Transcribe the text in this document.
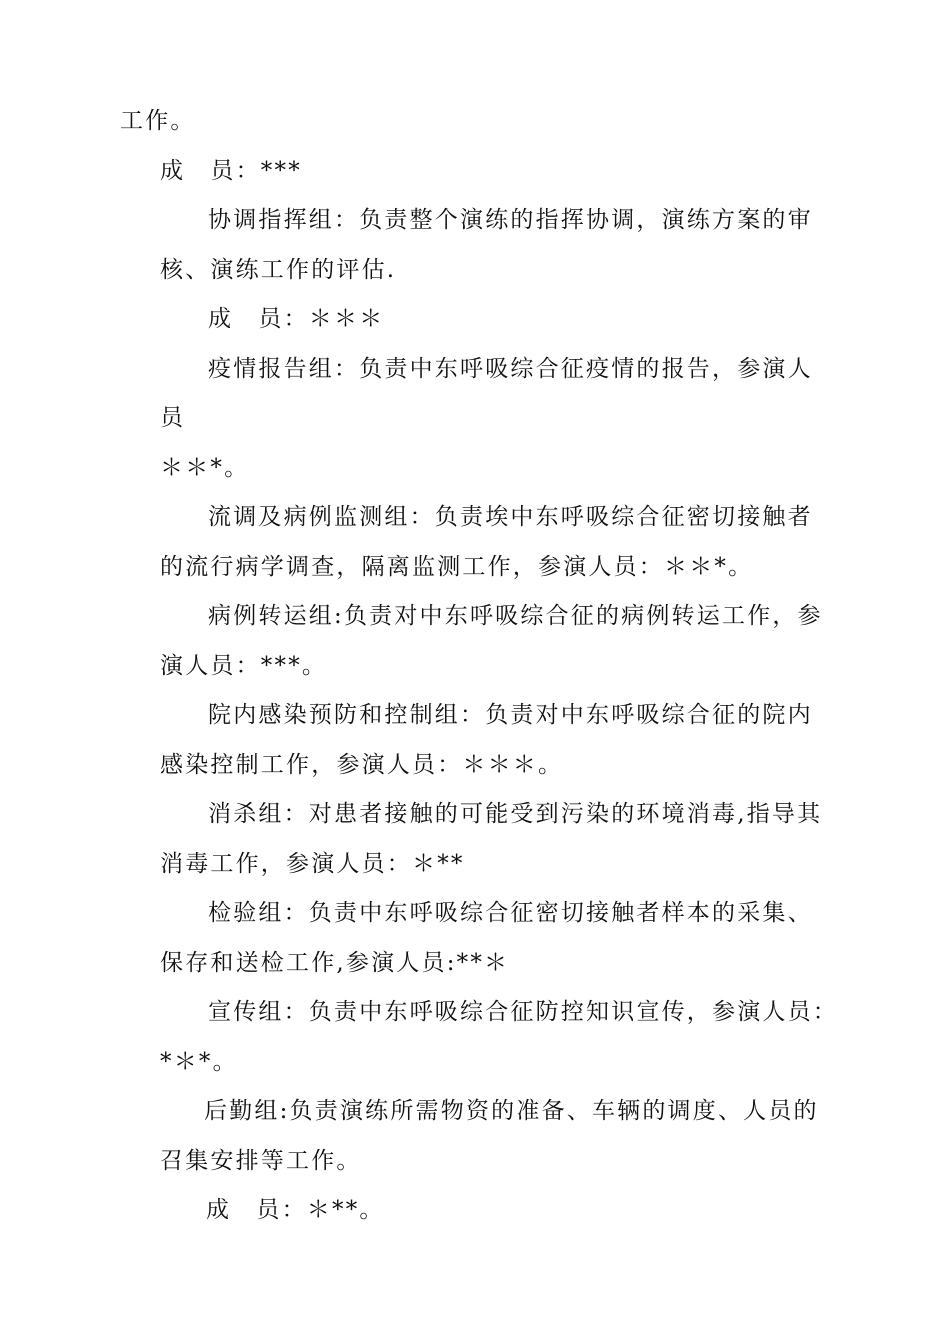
工作。
成　员：***
协调指挥组：负责整个演练的指挥协调，演练方案的审
核、演练工作的评估.
成　员：＊＊＊
疫情报告组：负责中东呼吸综合征疫情的报告，参演人
员
＊＊*。
流调及病例监测组：负责埃中东呼吸综合征密切接触者
的流行病学调查，隔离监测工作，参演人员：＊＊*。
病例转运组:负责对中东呼吸综合征的病例转运工作，参
演人员：***。
院内感染预防和控制组：负责对中东呼吸综合征的院内
感染控制工作，参演人员：＊＊＊。
消杀组：对患者接触的可能受到污染的环境消毒,指导其
消毒工作，参演人员：＊**
检验组：负责中东呼吸综合征密切接触者样本的采集、
保存和送检工作,参演人员:**＊
宣传组：负责中东呼吸综合征防控知识宣传，参演人员：
*＊*。
后勤组:负责演练所需物资的准备、车辆的调度、人员的
召集安排等工作。
成　员：＊**。
